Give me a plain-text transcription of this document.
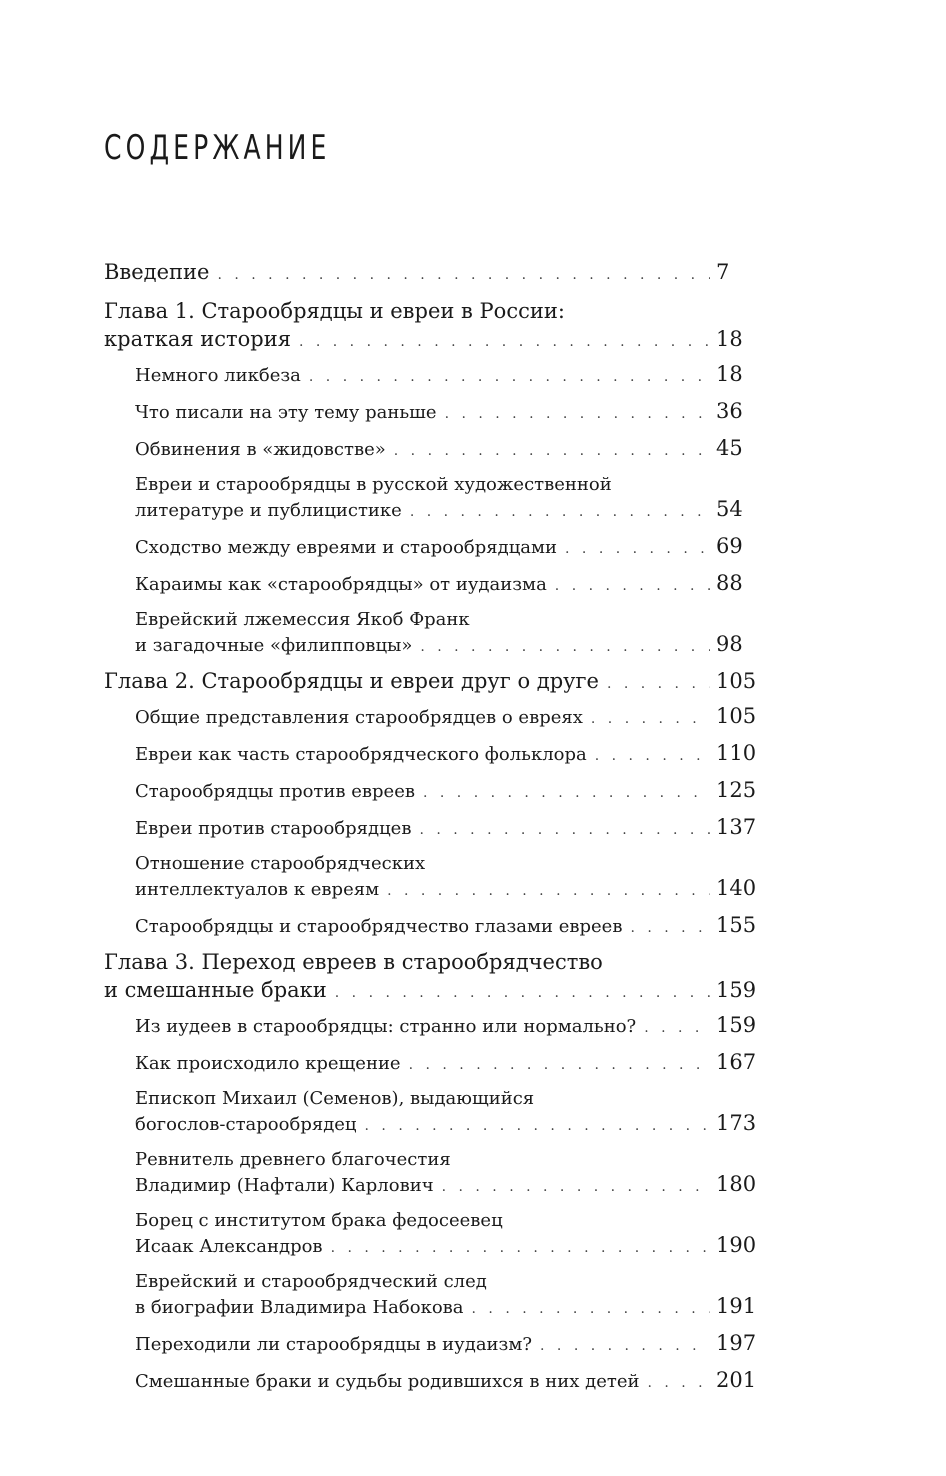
СОДЕРЖАНИЕ
Введепие . . .	7
Глава 1. Старообрядцы и евреи в России:
краткая история . . .	18
Немного ликбеза . . .	18
Что писали на эту тему раньше . . .	36
Обвинения в «жидовстве» . . .	45
Евреи и старообрядцы в русской художественной
литературе и публицистике . . .	54
Сходство между евреями и старообрядцами . . .	69
Караимы как «старообрядцы» от иудаизма . . .	88
Еврейский лжемессия Якоб Франк
и загадочные «филипповцы» . . .	98
Глава 2. Старообрядцы и евреи друг о друге . . .	105
Общие представления старообрядцев о евреях . . .	105
Евреи как часть старообрядческого фольклора . . .	110
Старообрядцы против евреев . . .	125
Евреи против старообрядцев . . .	137
Отношение старообрядческих
интеллектуалов к евреям . . .	140
Старообрядцы и старообрядчество глазами евреев . . .	155
Глава 3. Переход евреев в старообрядчество
и смешанные браки . . .	159
Из иудеев в старообрядцы: странно или нормально? . . .	159
Как происходило крещение . . .	167
Епископ Михаил (Семенов), выдающийся
богослов-старообрядец . . .	173
Ревнитель древнего благочестия
Владимир (Нафтали) Карлович . . .	180
Борец с институтом брака федосеевец
Исаак Александров . . .	190
Еврейский и старообрядческий след
в биографии Владимира Набокова . . .	191
Переходили ли старообрядцы в иудаизм? . . .	197
Смешанные браки и судьбы родившихся в них детей . . .	201
